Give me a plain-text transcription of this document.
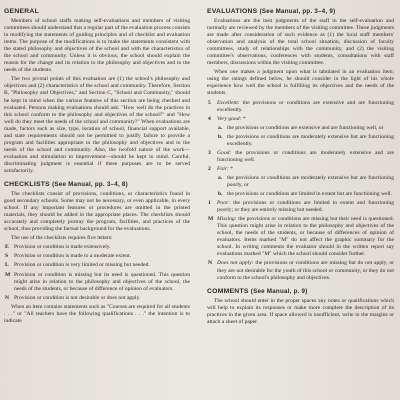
GENERAL

Members of school staffs making self-evaluations and members of visiting committees should understand that a regular part of the evaluation process consists in modifying the statements of guiding principles and of checklist and evaluation items. The purpose of the modifications is to make the statements consistent with the stated philosophy and objectives of the school and with the characteristics of the school and community. Unless it is obvious, the school should explain the reason for the change and its relation to the philosophy and objectives and to the needs of the students.

The two pivotal points of this evaluation are (1) the school's philosophy and objectives and (2) characteristics of the school and community. Therefore, Section B, "Philosophy and Objectives," and Section C, "School and Community," should be kept in mind when the various features of this section are being checked and evaluated. Persons making evaluations should ask: "How well do the practices in this school conform to the philosophy and objectives of the school?" and "How well do they meet the needs of the school and community?" When evaluations are made, factors such as size, type, location of school, financial support available, and state requirements should not be permitted to justify failure to provide a program and facilities appropriate to the philosophy and objectives and to the needs of the school and community. Also, the twofold nature of the work—evaluation and stimulation to improvement—should be kept in mind. Careful, discriminating judgment is essential if these purposes are to be served satisfactorily.

CHECKLISTS (See Manual, pp. 3–4, 8)

The checklists consist of provisions, conditions, or characteristics found in good secondary schools. Some may not be necessary, or even applicable, in every school. If any important features or procedures are omitted in the printed materials, they should be added in the appropriate places. The checklists should accurately and completely portray the program, facilities, and practices of the school, thus providing the factual background for the evaluations.

The use of the checklists requires five letters:

E Provision or condition is made extensively.
S Provision or condition is made to a moderate extent.
L Provision or condition is very limited or missing but needed.
M Provision or condition is missing but its need is questioned. This question might arise in relation to the philosophy and objectives of the school, the needs of the students, or because of difference of opinion of evaluators.
N Provision or condition is not desirable or does not apply.

When an item contains statements such as "Courses are required for all students . . ." or "All teachers have the following qualifications . . ." the intention is to indicate

EVALUATIONS (See Manual, pp. 3–4, 9)

Evaluations are the best judgments of the staff in the self-evaluation and normally are reviewed by the members of the visiting committee. These judgments are made after consideration of such evidence as (1) the local staff members' observation and analysis of the total school situation, discussion of faculty committees, study of relationships with the community, and (2) the visiting committee's observations, conferences with students, consultations with staff members, discussions within the visiting committee.

When one makes a judgment upon what is tabulated in an evaluation item, using the ratings defined below, he should consider in the light of his whole experience how well the school is fulfilling its objectives and the needs of the students.

5 Excellent: the provisions or conditions are extensive and are functioning excellently.
4 Very good: *
a. the provisions or conditions are extensive and are functioning well, or
b. the provisions or conditions are moderately extensive but are functioning excellently.
3 Good: the provisions or conditions are moderately extensive and are functioning well.
2 Fair: *
a. the provisions or conditions are moderately extensive but are functioning poorly, or
b. the provisions or conditions are limited in extent but are functioning well.
1 Poor: the provisions or conditions are limited in extent and functioning poorly; or they are entirely missing but needed.
M Missing: the provisions or conditions are missing but their need is questioned. This question might arise in relation to the philosophy and objectives of the school, the needs of the students, or because of differences of opinion of evaluators. Items marked "M" do not affect the graphic summary for the school. In writing comments the evaluator should in the written report say evaluations marked "M" which the school should consider further.
N Does not apply: the provisions or conditions are missing but do not apply, or they are not desirable for the youth of this school or community, or they do not conform to the school's philosophy and objectives.
COMMENTS (See Manual, p. 9)

The school should enter in the proper spaces any notes or qualifications which will help to explain its responses or make more complete the description of its practices in the given area. If space allowed is insufficient, write in the margins or attach a sheet of paper.
